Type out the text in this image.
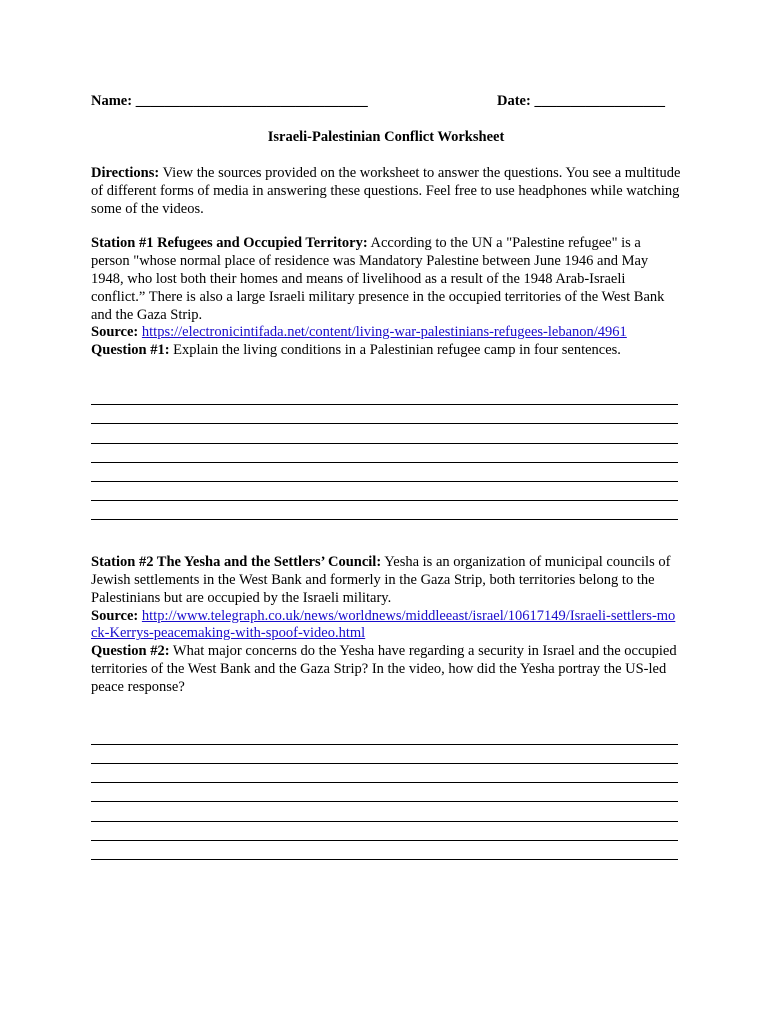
Name: ________________________________	Date: __________________
Israeli-Palestinian Conflict Worksheet

Directions: View the sources provided on the worksheet to answer the questions. You see a multitude of different forms of media in answering these questions. Feel free to use headphones while watching some of the videos.

Station #1 Refugees and Occupied Territory: According to the UN a "Palestine refugee" is a person "whose normal place of residence was Mandatory Palestine between June 1946 and May 1948, who lost both their homes and means of livelihood as a result of the 1948 Arab-Israeli conflict.” There is also a large Israeli military presence in the occupied territories of the West Bank and the Gaza Strip.

Source: https://electronicintifada.net/content/living-war-palestinians-refugees-lebanon/4961

Question #1: Explain the living conditions in a Palestinian refugee camp in four sentences.

Station #2 The Yesha and the Settlers’ Council: Yesha is an organization of municipal councils of Jewish settlements in the West Bank and formerly in the Gaza Strip, both territories belong to the Palestinians but are occupied by the Israeli military.

Source: http://www.telegraph.co.uk/news/worldnews/middleeast/israel/10617149/Israeli-settlers-mock-Kerrys-peacemaking-with-spoof-video.html

Question #2: What major concerns do the Yesha have regarding a security in Israel and the occupied territories of the West Bank and the Gaza Strip? In the video, how did the Yesha portray the US-led peace response?
